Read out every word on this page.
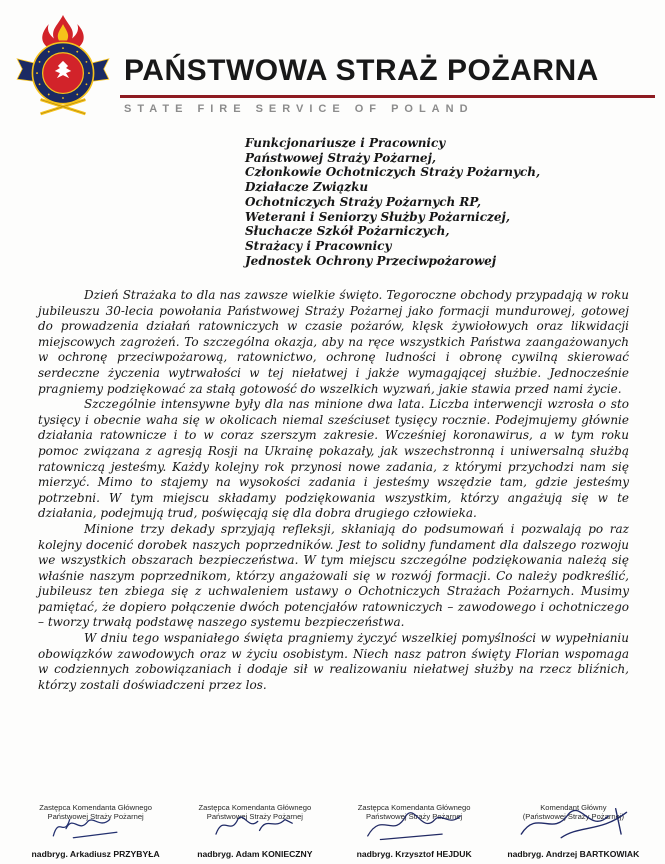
PAŃSTWOWA STRAŻ POŻARNA
STATE FIRE SERVICE OF POLAND
Funkcjonariusze i Pracownicy
Państwowej Straży Pożarnej,
Członkowie Ochotniczych Straży Pożarnych,
Działacze Związku
Ochotniczych Straży Pożarnych RP,
Weterani i Seniorzy Służby Pożarniczej,
Słuchacze Szkół Pożarniczych,
Strażacy i Pracownicy
Jednostek Ochrony Przeciwpożarowej

Dzień Strażaka to dla nas zawsze wielkie święto. Tegoroczne obchody przypadają w roku jubileuszu 30-lecia powołania Państwowej Straży Pożarnej jako formacji mundurowej, gotowej do prowadzenia działań ratowniczych w czasie pożarów, klęsk żywiołowych oraz likwidacji miejscowych zagrożeń. To szczególna okazja, aby na ręce wszystkich Państwa zaangażowanych w ochronę przeciwpożarową, ratownictwo, ochronę ludności i obronę cywilną skierować serdeczne życzenia wytrwałości w tej niełatwej i jakże wymagającej służbie. Jednocześnie pragniemy podziękować za stałą gotowość do wszelkich wyzwań, jakie stawia przed nami życie.

Szczególnie intensywne były dla nas minione dwa lata. Liczba interwencji wzrosła o sto tysięcy i obecnie waha się w okolicach niemal sześciuset tysięcy rocznie. Podejmujemy głównie działania ratownicze i to w coraz szerszym zakresie. Wcześniej koronawirus, a w tym roku pomoc związana z agresją Rosji na Ukrainę pokazały, jak wszechstronną i uniwersalną służbą ratowniczą jesteśmy. Każdy kolejny rok przynosi nowe zadania, z którymi przychodzi nam się mierzyć. Mimo to stajemy na wysokości zadania i jesteśmy wszędzie tam, gdzie jesteśmy potrzebni. W tym miejscu składamy podziękowania wszystkim, którzy angażują się w te działania, podejmują trud, poświęcają się dla dobra drugiego człowieka.

Minione trzy dekady sprzyjają refleksji, skłaniają do podsumowań i pozwalają po raz kolejny docenić dorobek naszych poprzedników. Jest to solidny fundament dla dalszego rozwoju we wszystkich obszarach bezpieczeństwa. W tym miejscu szczególne podziękowania należą się właśnie naszym poprzednikom, którzy angażowali się w rozwój formacji. Co należy podkreślić, jubileusz ten zbiega się z uchwaleniem ustawy o Ochotniczych Strażach Pożarnych. Musimy pamiętać, że dopiero połączenie dwóch potencjałów ratowniczych – zawodowego i ochotniczego – tworzy trwałą podstawę naszego systemu bezpieczeństwa.

W dniu tego wspaniałego święta pragniemy życzyć wszelkiej pomyślności w wypełnianiu obowiązków zawodowych oraz w życiu osobistym. Niech nasz patron święty Florian wspomaga w codziennych zobowiązaniach i dodaje sił w realizowaniu niełatwej służby na rzecz bliźnich, którzy zostali doświadczeni przez los.

Zastępca Komendanta Głównego
Państwowej Straży Pożarnej
nadbryg. Arkadiusz PRZYBYŁA
Zastępca Komendanta Głównego
Państwowej Straży Pożarnej
nadbryg. Adam KONIECZNY
Zastępca Komendanta Głównego
Państwowej Straży Pożarnej
nadbryg. Krzysztof HEJDUK
Komendant Główny
(Państwowej Straży Pożarnej)
nadbryg. Andrzej BARTKOWIAK
